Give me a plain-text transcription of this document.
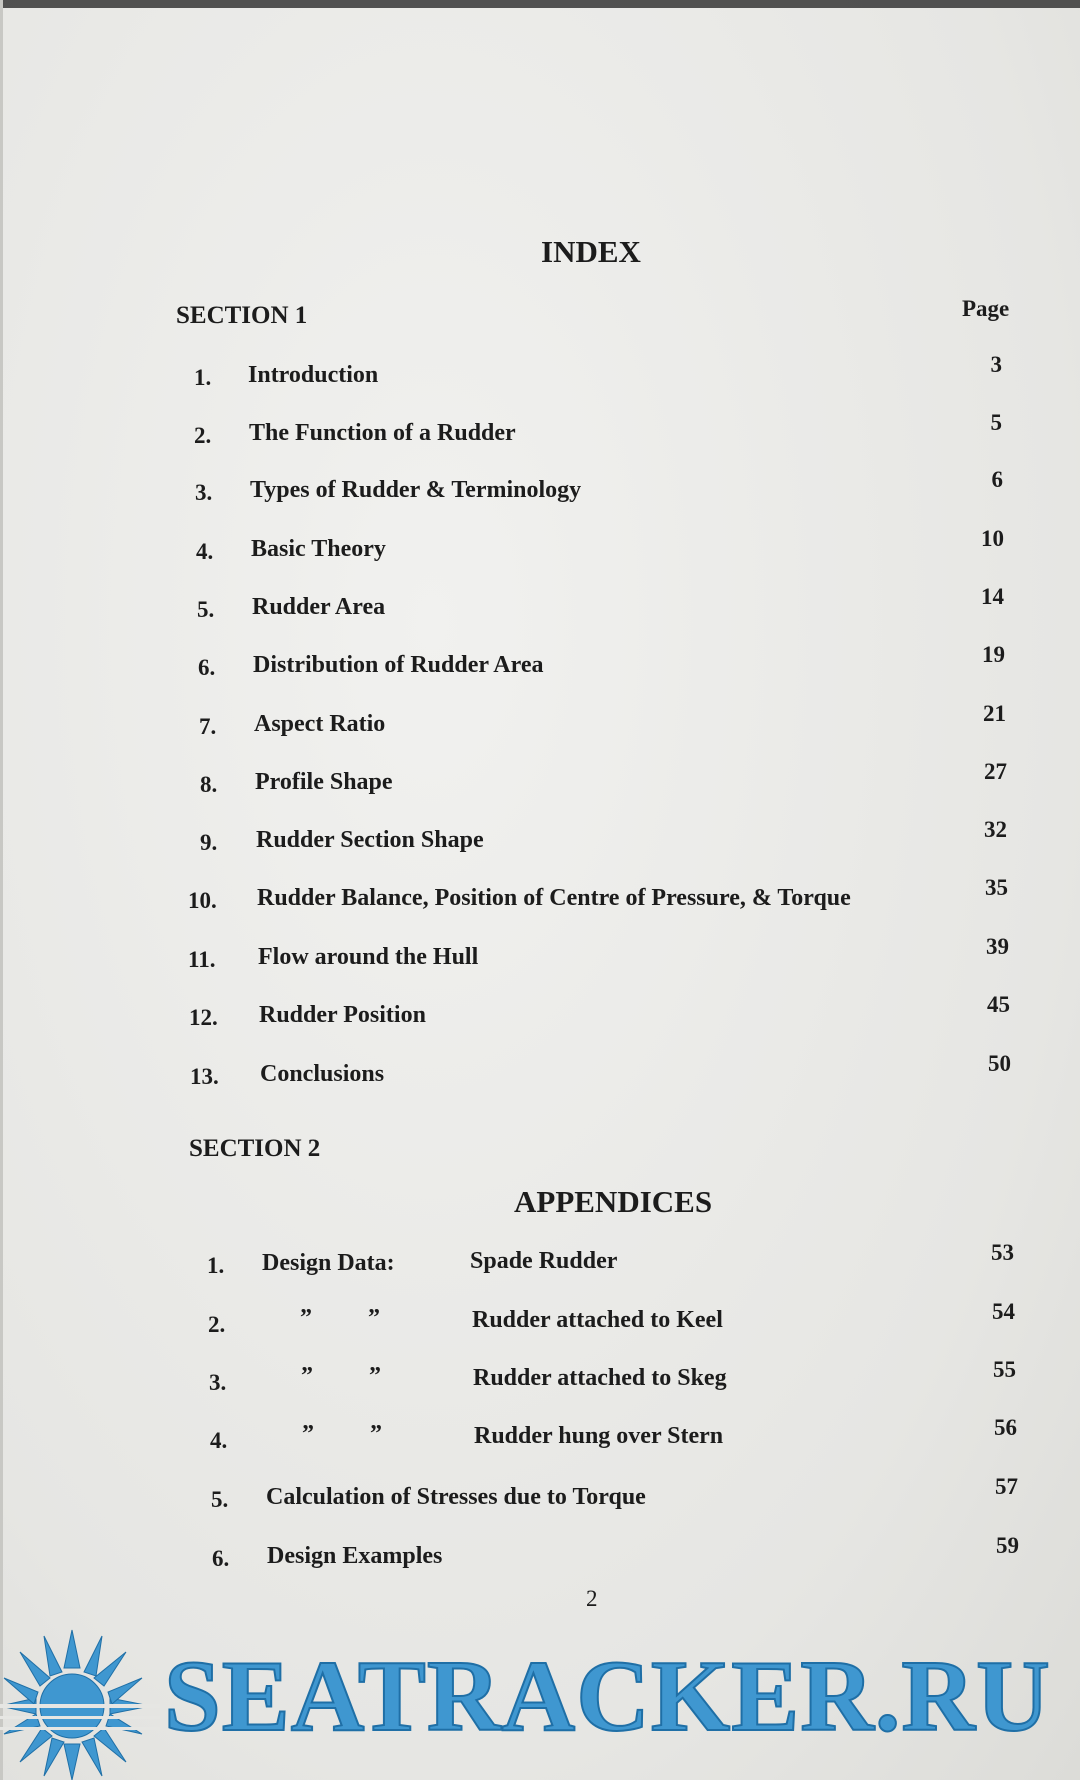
INDEX
SECTION 1	Page
1. Introduction	3
2. The Function of a Rudder	5
3. Types of Rudder & Terminology	6
4. Basic Theory	10
5. Rudder Area	14
6. Distribution of Rudder Area	19
7. Aspect Ratio	21
8. Profile Shape	27
9. Rudder Section Shape	32
10. Rudder Balance, Position of Centre of Pressure, & Torque	35
11. Flow around the Hull	39
12. Rudder Position	45
13. Conclusions	50
SECTION 2
APPENDICES
1. Design Data:	Spade Rudder	53
2.	” ”	Rudder attached to Keel	54
3.	” ”	Rudder attached to Skeg	55
4.	” ”	Rudder hung over Stern	56
5. Calculation of Stresses due to Torque	57
6. Design Examples	59
2
SEATRACKER.RU
